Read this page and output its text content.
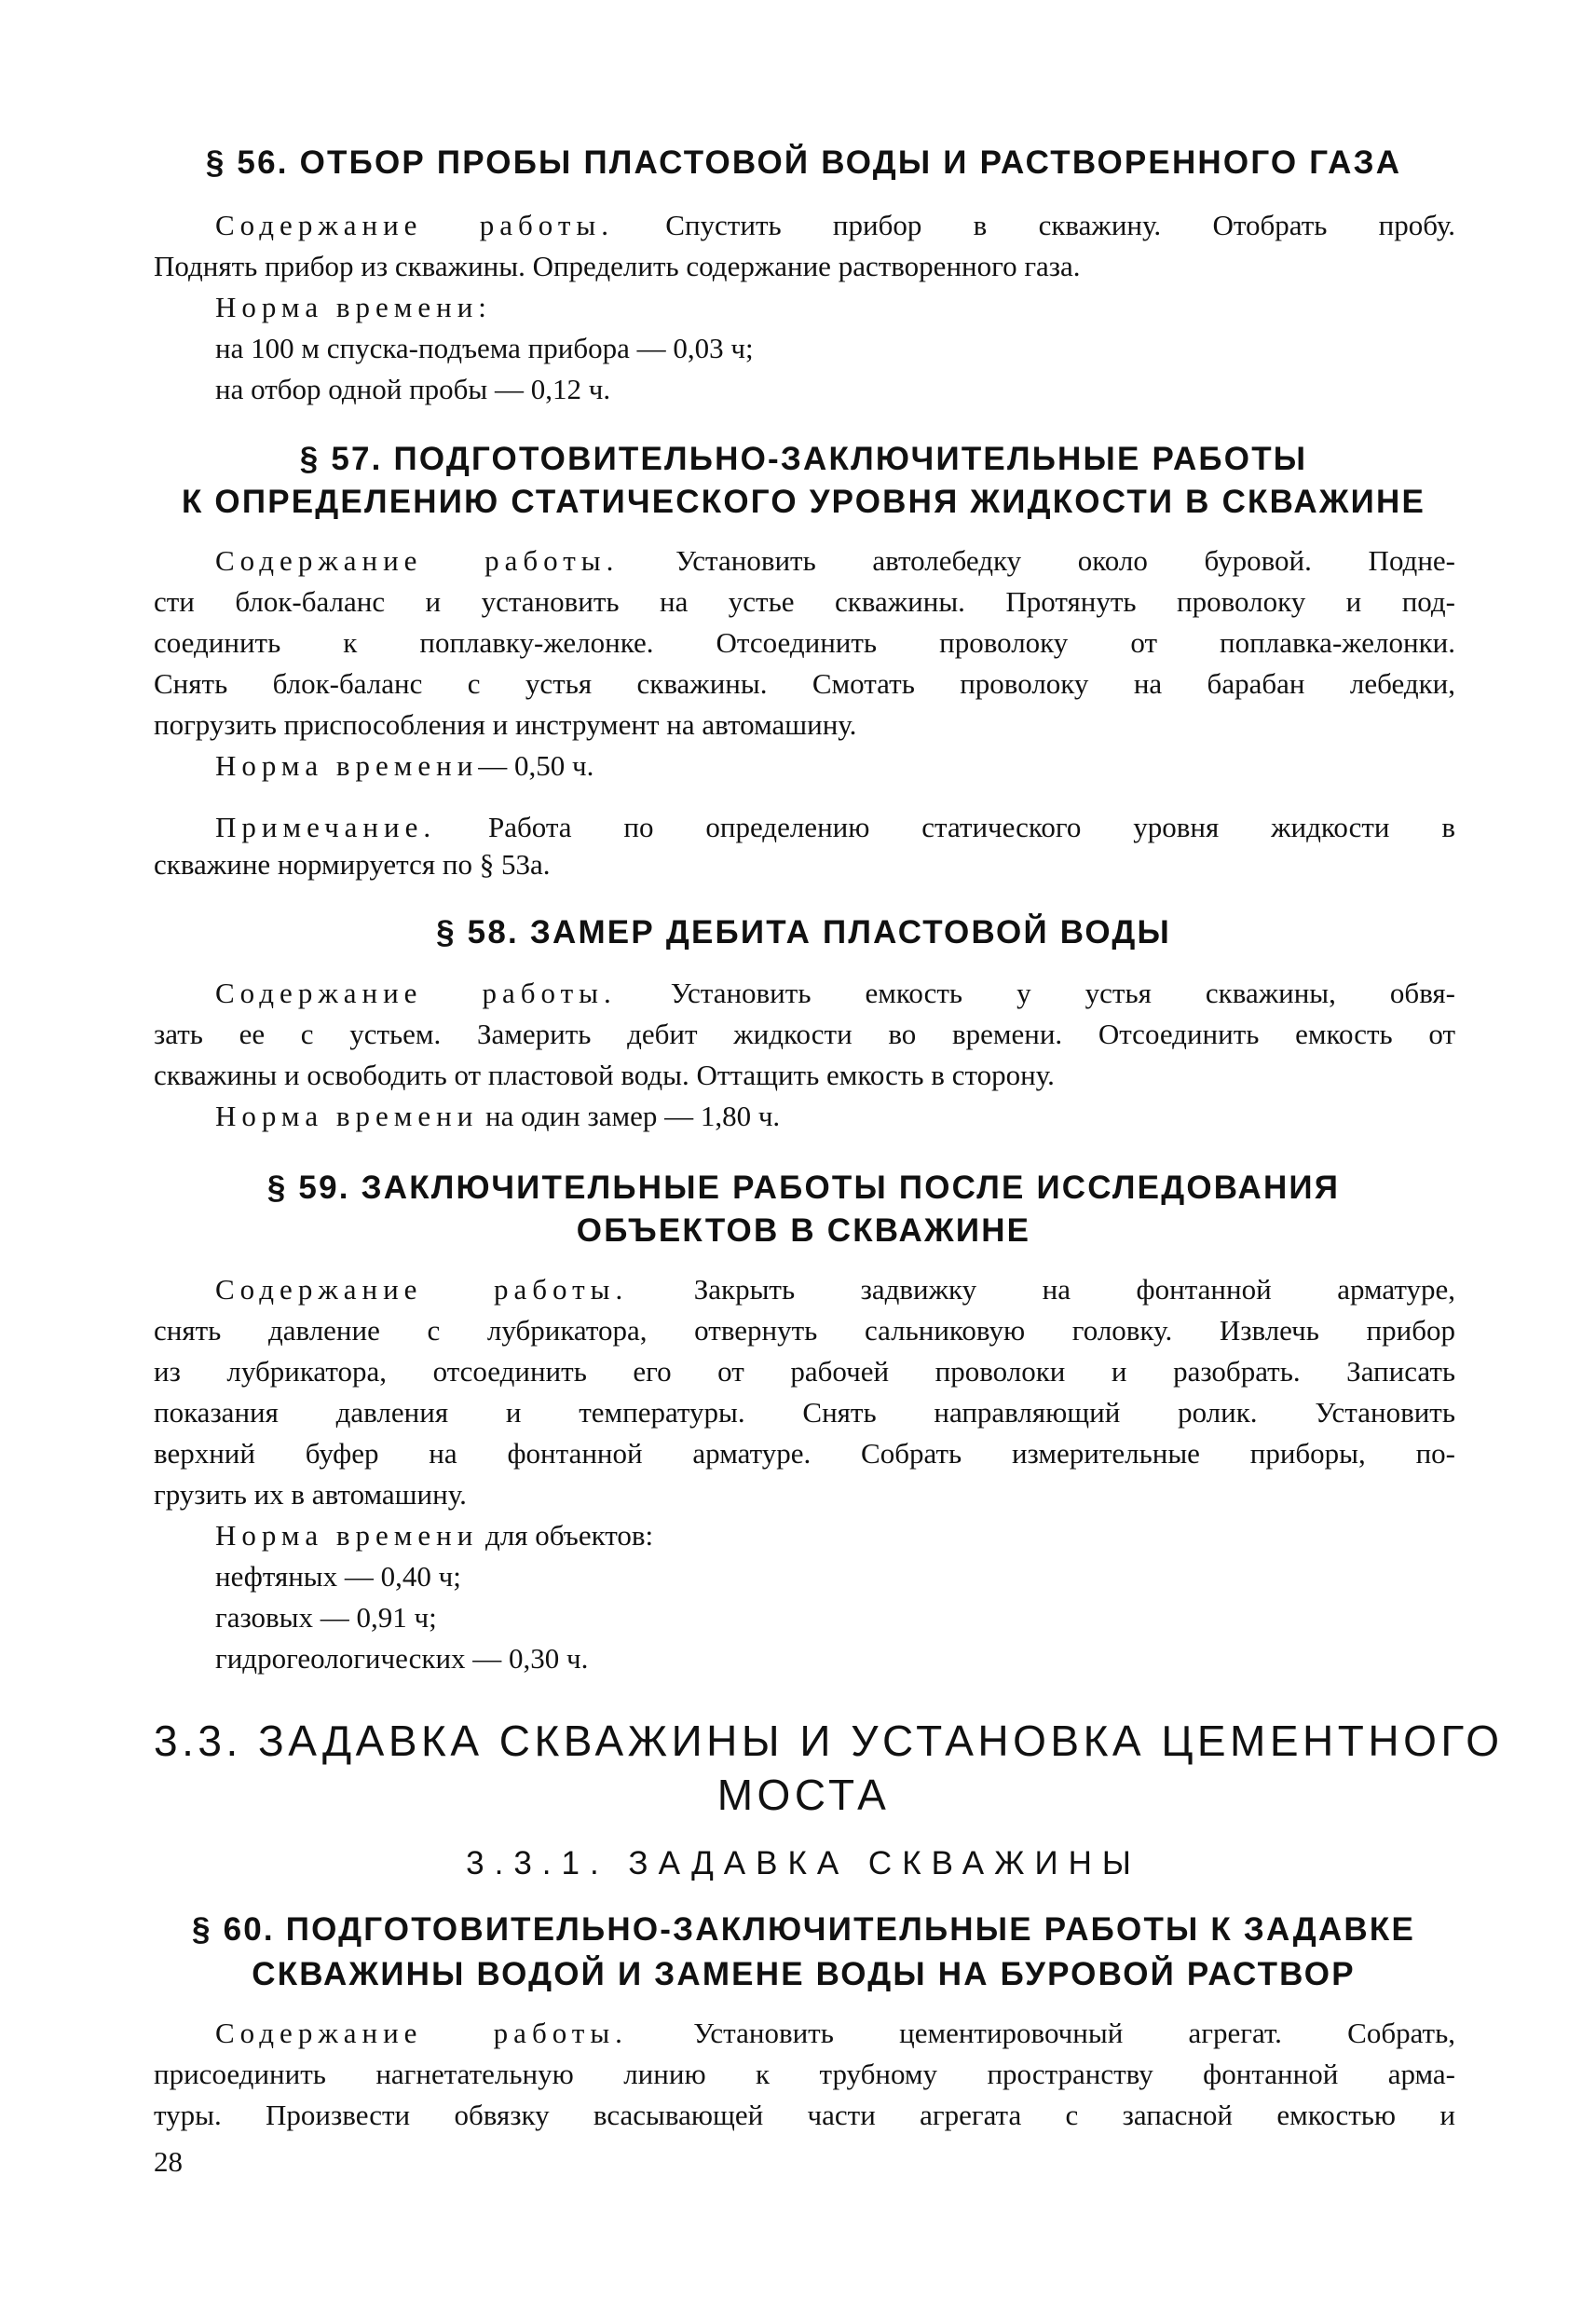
§ 56. ОТБОР ПРОБЫ ПЛАСТОВОЙ ВОДЫ И РАСТВОРЕННОГО ГАЗА
Содержание работы. Спустить прибор в скважину. Отобрать пробу.
Поднять прибор из скважины. Определить содержание растворенного газа.
Норма времени:
на 100 м спуска-подъема прибора — 0,03 ч;
на отбор одной пробы — 0,12 ч.
§ 57. ПОДГОТОВИТЕЛЬНО-ЗАКЛЮЧИТЕЛЬНЫЕ РАБОТЫ
К ОПРЕДЕЛЕНИЮ СТАТИЧЕСКОГО УРОВНЯ ЖИДКОСТИ В СКВАЖИНЕ
Содержание работы. Установить автолебедку около буровой. Подне-
сти блок-баланс и установить на устье скважины. Протянуть проволоку и под-
соединить к поплавку-желонке. Отсоединить проволоку от поплавка-желонки.
Снять блок-баланс с устья скважины. Смотать проволоку на барабан лебедки,
погрузить приспособления и инструмент на автомашину.
Норма времени— 0,50 ч.
Примечание. Работа по определению статического уровня жидкости в
скважине нормируется по § 53а.
§ 58. ЗАМЕР ДЕБИТА ПЛАСТОВОЙ ВОДЫ
Содержание работы. Установить емкость у устья скважины, обвя-
зать ее с устьем. Замерить дебит жидкости во времени. Отсоединить емкость от
скважины и освободить от пластовой воды. Оттащить емкость в сторону.
Норма времени на один замер — 1,80 ч.
§ 59. ЗАКЛЮЧИТЕЛЬНЫЕ РАБОТЫ ПОСЛЕ ИССЛЕДОВАНИЯ
ОБЪЕКТОВ В СКВАЖИНЕ
Содержание работы. Закрыть задвижку на фонтанной арматуре,
снять давление с лубрикатора, отвернуть сальниковую головку. Извлечь прибор
из лубрикатора, отсоединить его от рабочей проволоки и разобрать. Записать
показания давления и температуры. Снять направляющий ролик. Установить
верхний буфер на фонтанной арматуре. Собрать измерительные приборы, по-
грузить их в автомашину.
Норма времени для объектов:
нефтяных — 0,40 ч;
газовых — 0,91 ч;
гидрогеологических — 0,30 ч.
3.3. ЗАДАВКА СКВАЖИНЫ И УСТАНОВКА ЦЕМЕНТНОГО
МОСТА
3.3.1. ЗАДАВКА СКВАЖИНЫ
§ 60. ПОДГОТОВИТЕЛЬНО-ЗАКЛЮЧИТЕЛЬНЫЕ РАБОТЫ К ЗАДАВКЕ
СКВАЖИНЫ ВОДОЙ И ЗАМЕНЕ ВОДЫ НА БУРОВОЙ РАСТВОР
Содержание работы. Установить цементировочный агрегат. Собрать,
присоединить нагнетательную линию к трубному пространству фонтанной арма-
туры. Произвести обвязку всасывающей части агрегата с запасной емкостью и
28
